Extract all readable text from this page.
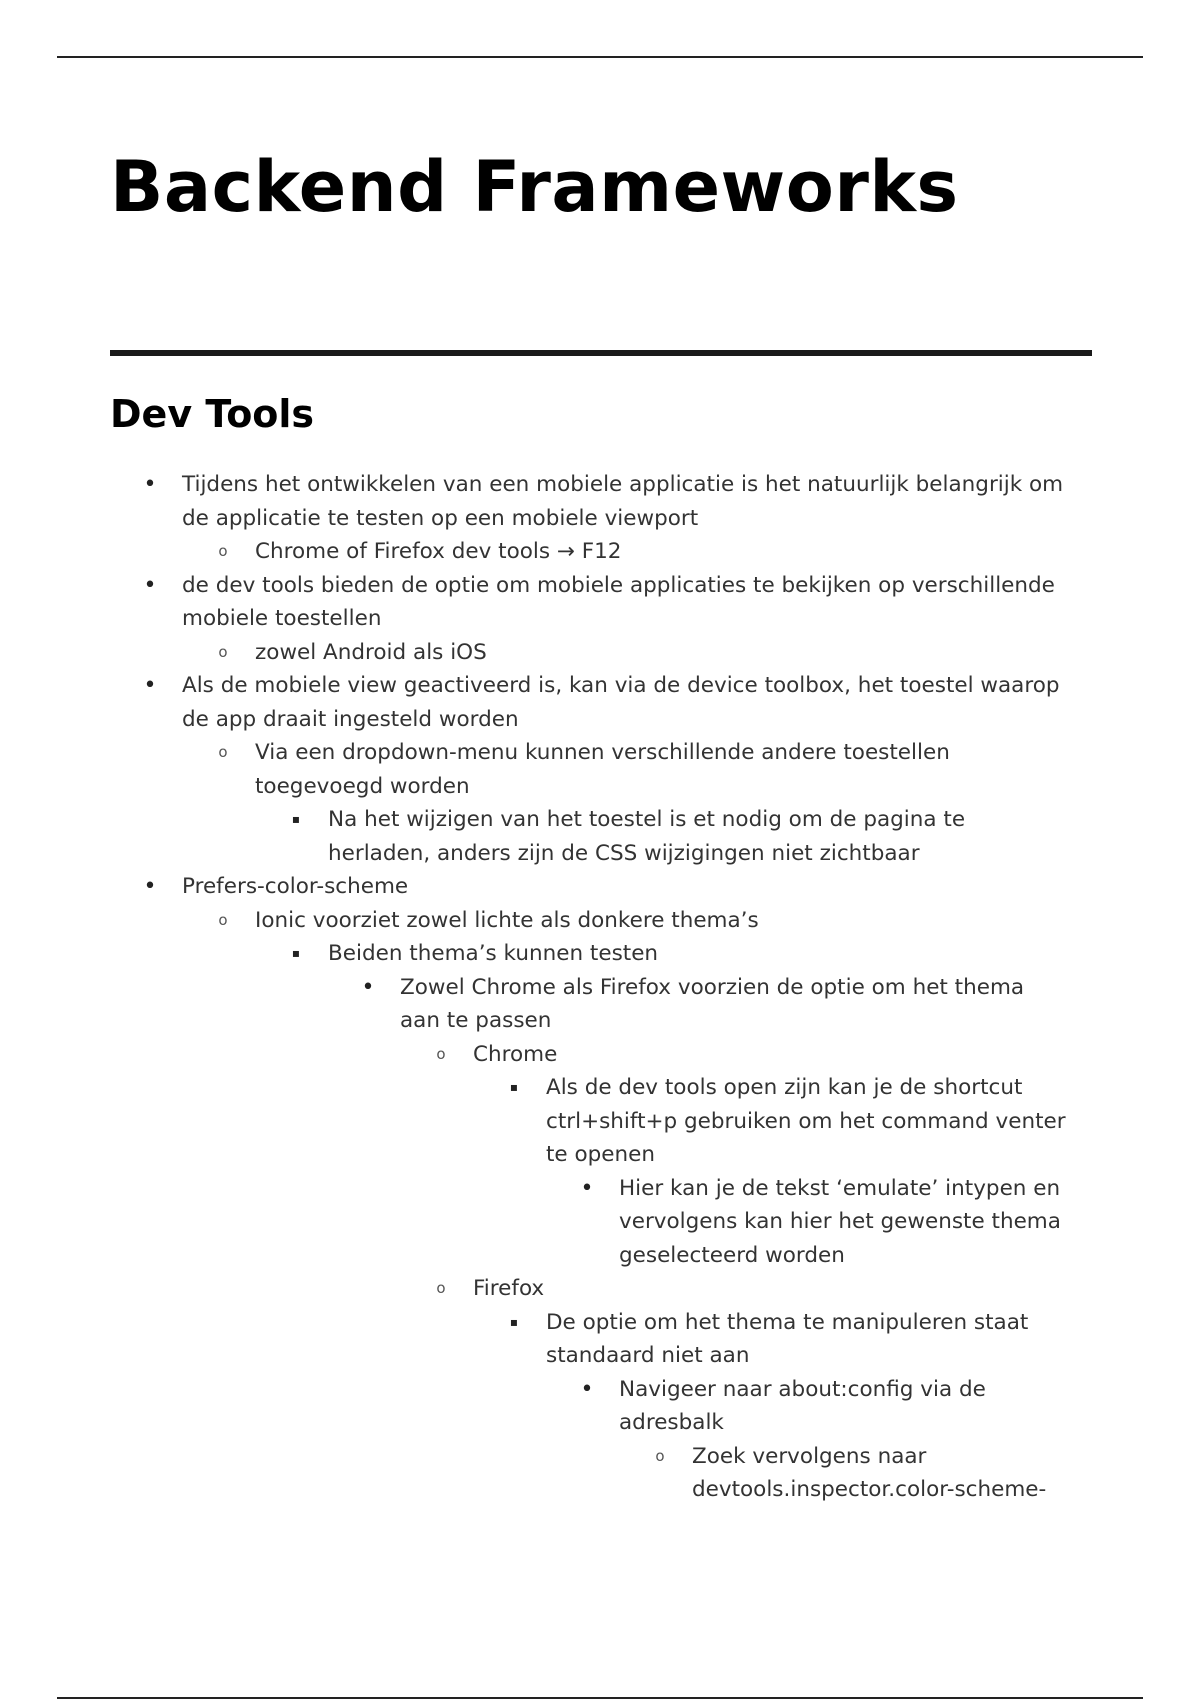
Backend Frameworks
Dev Tools
• Tijdens het ontwikkelen van een mobiele applicatie is het natuurlijk belangrijk om de applicatie te testen op een mobiele viewport
o	Chrome of Firefox dev tools → F12
• de dev tools bieden de optie om mobiele applicaties te bekijken op verschillende mobiele toestellen
o	zowel Android als iOS
• Als de mobiele view geactiveerd is, kan via de device toolbox, het toestel waarop de app draait ingesteld worden
o	Via een dropdown-menu kunnen verschillende andere toestellen toegevoegd worden
▪	Na het wijzigen van het toestel is et nodig om de pagina te herladen, anders zijn de CSS wijzigingen niet zichtbaar
• Prefers-color-scheme
o	Ionic voorziet zowel lichte als donkere thema’s
▪	Beiden thema’s kunnen testen
• Zowel Chrome als Firefox voorzien de optie om het thema aan te passen
o	Chrome
▪	Als de dev tools open zijn kan je de shortcut ctrl+shift+p gebruiken om het command venter te openen
• Hier kan je de tekst ‘emulate’ intypen en vervolgens kan hier het gewenste thema geselecteerd worden
o	Firefox
▪	De optie om het thema te manipuleren staat standaard niet aan
• Navigeer naar about:config via de adresbalk
o	Zoek vervolgens naar devtools.inspector.color-scheme-
